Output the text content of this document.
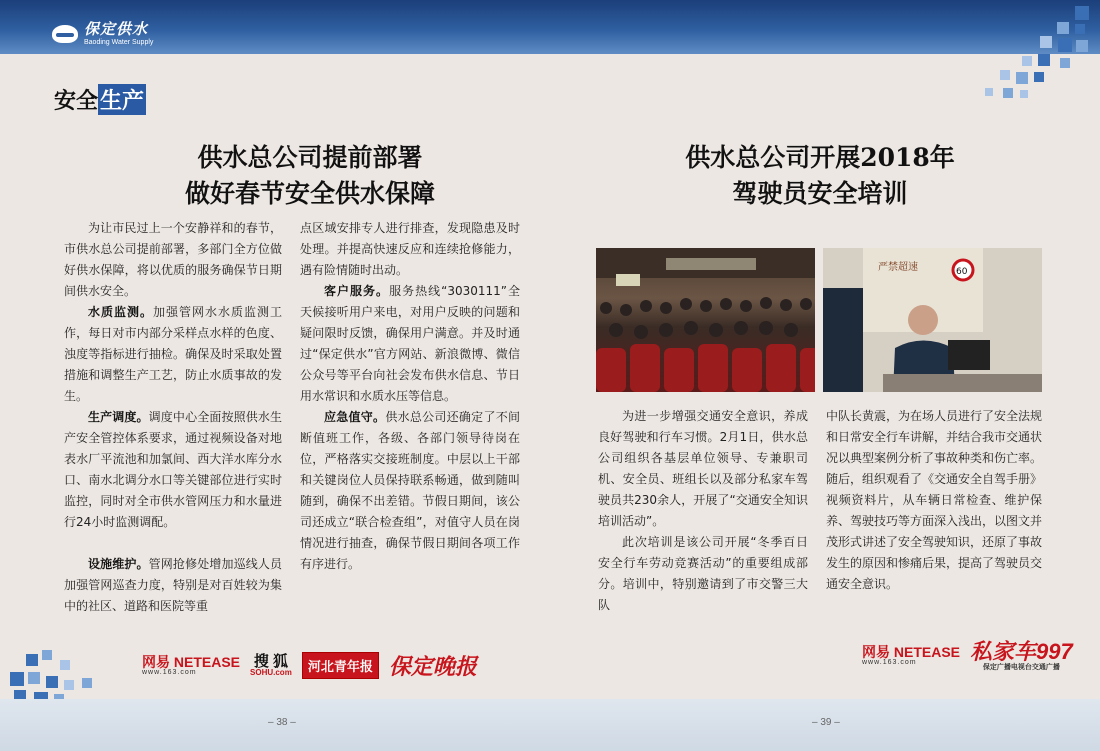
保定供水
Baoding Water Supply
安全 生产
供水总公司提前部署
做好春节安全供水保障

为让市民过上一个安静祥和的春节，市供水总公司提前部署，多部门全方位做好供水保障，将以优质的服务确保节日期间供水安全。

水质监测。加强管网水水质监测工作，每日对市内部分采样点水样的色度、浊度等指标进行抽检。确保及时采取处置措施和调整生产工艺，防止水质事故的发生。

生产调度。调度中心全面按照供水生产安全管控体系要求，通过视频设备对地表水厂平流池和加氯间、西大洋水库分水口、南水北调分水口等关键部位进行实时监控，同时对全市供水管网压力和水量进行24小时监测调配。

设施维护。管网抢修处增加巡线人员加强管网巡查力度，特别是对百姓较为集中的社区、道路和医院等重

点区域安排专人进行排查，发现隐患及时处理。并提高快速反应和连续抢修能力，遇有险情随时出动。

客户服务。服务热线“3030111”全天候接听用户来电，对用户反映的问题和疑问限时反馈，确保用户满意。并及时通过“保定供水”官方网站、新浪微博、微信公众号等平台向社会发布供水信息、节日用水常识和水质水压等信息。

应急值守。供水总公司还确定了不间断值班工作，各级、各部门领导待岗在位，严格落实交接班制度。中层以上干部和关键岗位人员保持联系畅通，做到随叫随到，确保不出差错。节假日期间，该公司还成立“联合检查组”，对值守人员在岗情况进行抽查，确保节假日期间各项工作有序进行。

供水总公司开展2018年
驾驶员安全培训
严禁超速	60

为进一步增强交通安全意识，养成良好驾驶和行车习惯。2月1日，供水总公司组织各基层单位领导、专兼职司机、安全员、班组长以及部分私家车驾驶员共230余人，开展了“交通安全知识培训活动”。

此次培训是该公司开展“冬季百日安全行车劳动竞赛活动”的重要组成部分。培训中，特别邀请到了市交警三大队

中队长黄震，为在场人员进行了安全法规和日常安全行车讲解，并结合我市交通状况以典型案例分析了事故种类和伤亡率。随后，组织观看了《交通安全自驾手册》视频资料片，从车辆日常检查、维护保养、驾驶技巧等方面深入浅出，以图文并茂形式讲述了安全驾驶知识，还原了事故发生的原因和惨痛后果，提高了驾驶员交通安全意识。

网易 NETEASE
www.163.com
搜 狐
SOHU.com	河北青年报 保定晚报
网易 NETEASE
www.163.com	私家车997
保定广播电视台交通广播
– 38 –	– 39 –
